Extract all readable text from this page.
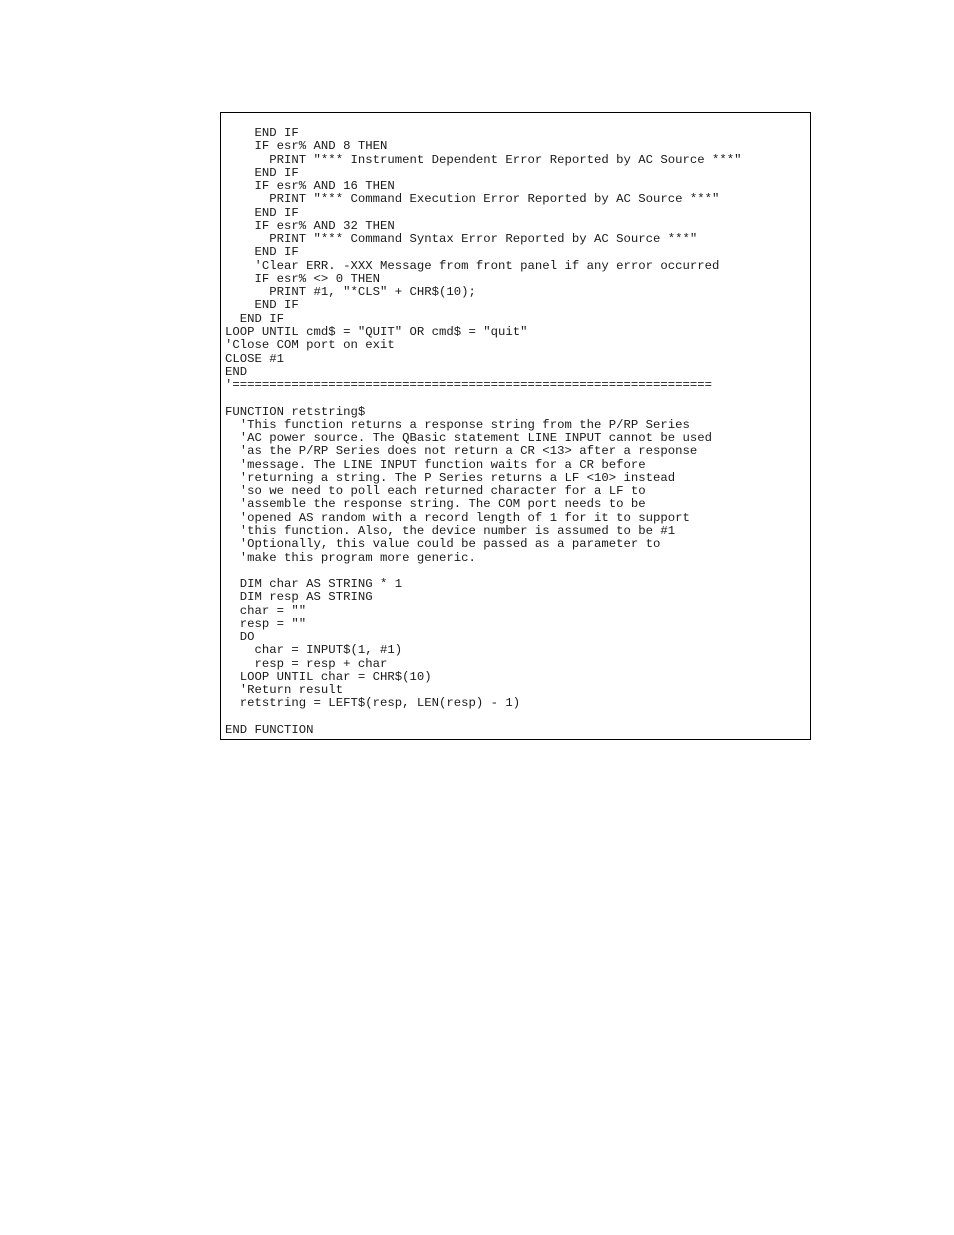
END IF
IF esr% AND 8 THEN
PRINT "*** Instrument Dependent Error Reported by AC Source ***"
END IF
IF esr% AND 16 THEN
PRINT "*** Command Execution Error Reported by AC Source ***"
END IF
IF esr% AND 32 THEN
PRINT "*** Command Syntax Error Reported by AC Source ***"
END IF
'Clear ERR. -XXX Message from front panel if any error occurred
IF esr% <> 0 THEN
PRINT #1, "*CLS" + CHR$(10);
END IF
END IF
LOOP UNTIL cmd$ = "QUIT" OR cmd$ = "quit"
'Close COM port on exit
CLOSE #1
END
'=================================================================
FUNCTION retstring$
'This function returns a response string from the P/RP Series
'AC power source. The QBasic statement LINE INPUT cannot be used
'as the P/RP Series does not return a CR <13> after a response
'message. The LINE INPUT function waits for a CR before
'returning a string. The P Series returns a LF <10> instead
'so we need to poll each returned character for a LF to
'assemble the response string. The COM port needs to be
'opened AS random with a record length of 1 for it to support
'this function. Also, the device number is assumed to be #1
'Optionally, this value could be passed as a parameter to
'make this program more generic.
DIM char AS STRING * 1
DIM resp AS STRING
char = ""
resp = ""
DO
char = INPUT$(1, #1)
resp = resp + char
LOOP UNTIL char = CHR$(10)
'Return result
retstring = LEFT$(resp, LEN(resp) - 1)
END FUNCTION
